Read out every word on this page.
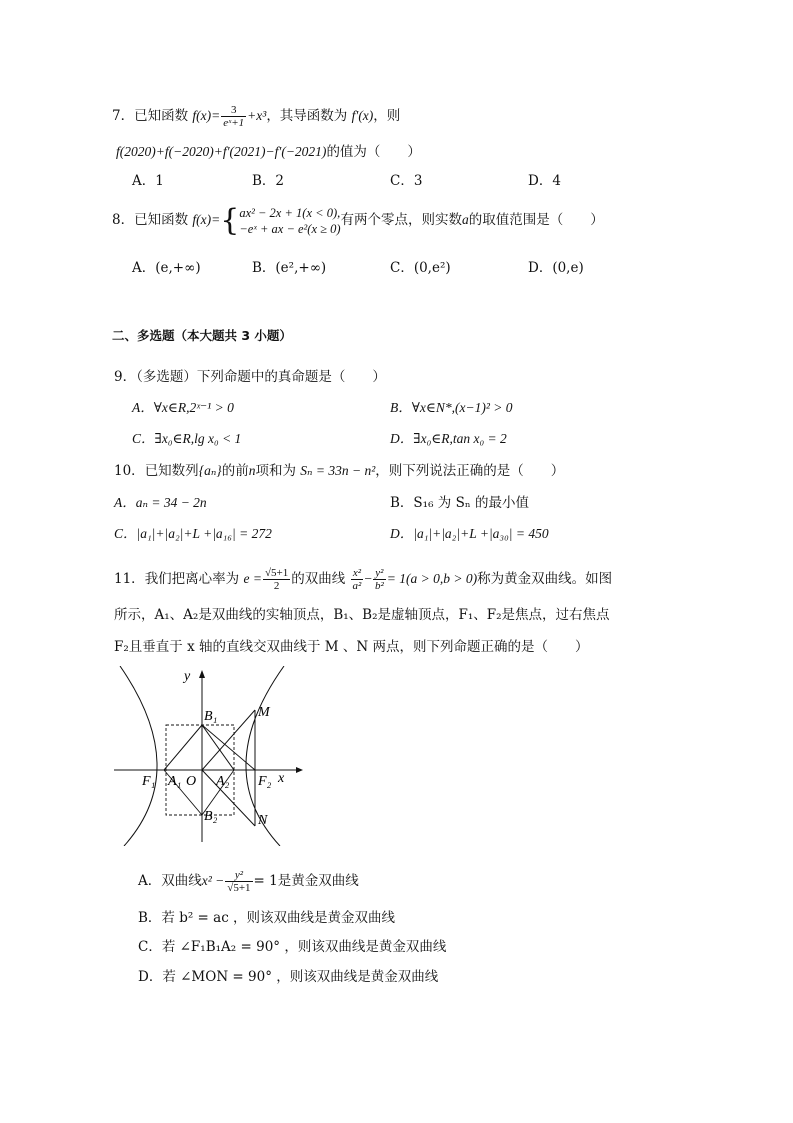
7．已知函数 $f(x)= \frac{3}{\text{eˣ+1}} +x^3$，其导函数为 f′(x)，则
f(2020)+f(−2020)+f′(2021)−f′(−2021)的值为（　　）
A．1	B．2	C．3	D．4
8．已知函数 f(x)={ ax² − 2x + 1(x < 0),
−eˣ + ax − e²(x ≥ 0)
有两个零点，则实数a的取值范围是（　　）
A．(e,+∞)	B．(e²,+∞)	C．(0,e²)	D．(0,e)
二、多选题（本大题共 3 小题）
9．（多选题）下列命题中的真命题是（　　）
A．∀x∈R,2ˣ⁻¹ > 0	B．∀x∈N*,(x−1)² > 0
C．∃x₀∈R,lg x₀ < 1	D．∃x₀∈R,tan x₀ = 2
10．已知数列{aₙ}的前n项和为 Sₙ = 33n − n²，则下列说法正确的是（　　）
A．aₙ = 34 − 2n	B．S₁₆ 为 Sₙ 的最小值
C．|a₁|+|a₂|+L +|a₁₆| = 272	D．|a₁|+|a₂|+L +|a₃₀| = 450
11．我们把离心率为 $e = \frac{√5+1}{2}$ 的双曲线 $\frac{\text{x²}}{\text{a²}} - \frac{\text{y²}}{\text{b²}} = 1(a > 0,b > 0)$称为黄金双曲线。如图
所示，A₁、A₂是双曲线的实轴顶点，B₁、B₂是虚轴顶点，F₁、F₂是焦点，过右焦点
F₂且垂直于 x 轴的直线交双曲线于 M 、N 两点，则下列命题正确的是（　　）
y
x
B₁
B₂
M
N
F₁ A₁ O A₂ F₂
A．双曲线$x^2 - \frac{\text{y²}}{√5+1} = 1$是黄金双曲线
B．若 b² = ac ，则该双曲线是黄金双曲线
C．若 ∠F₁B₁A₂ = 90° ，则该双曲线是黄金双曲线
D．若 ∠MON = 90° ，则该双曲线是黄金双曲线
